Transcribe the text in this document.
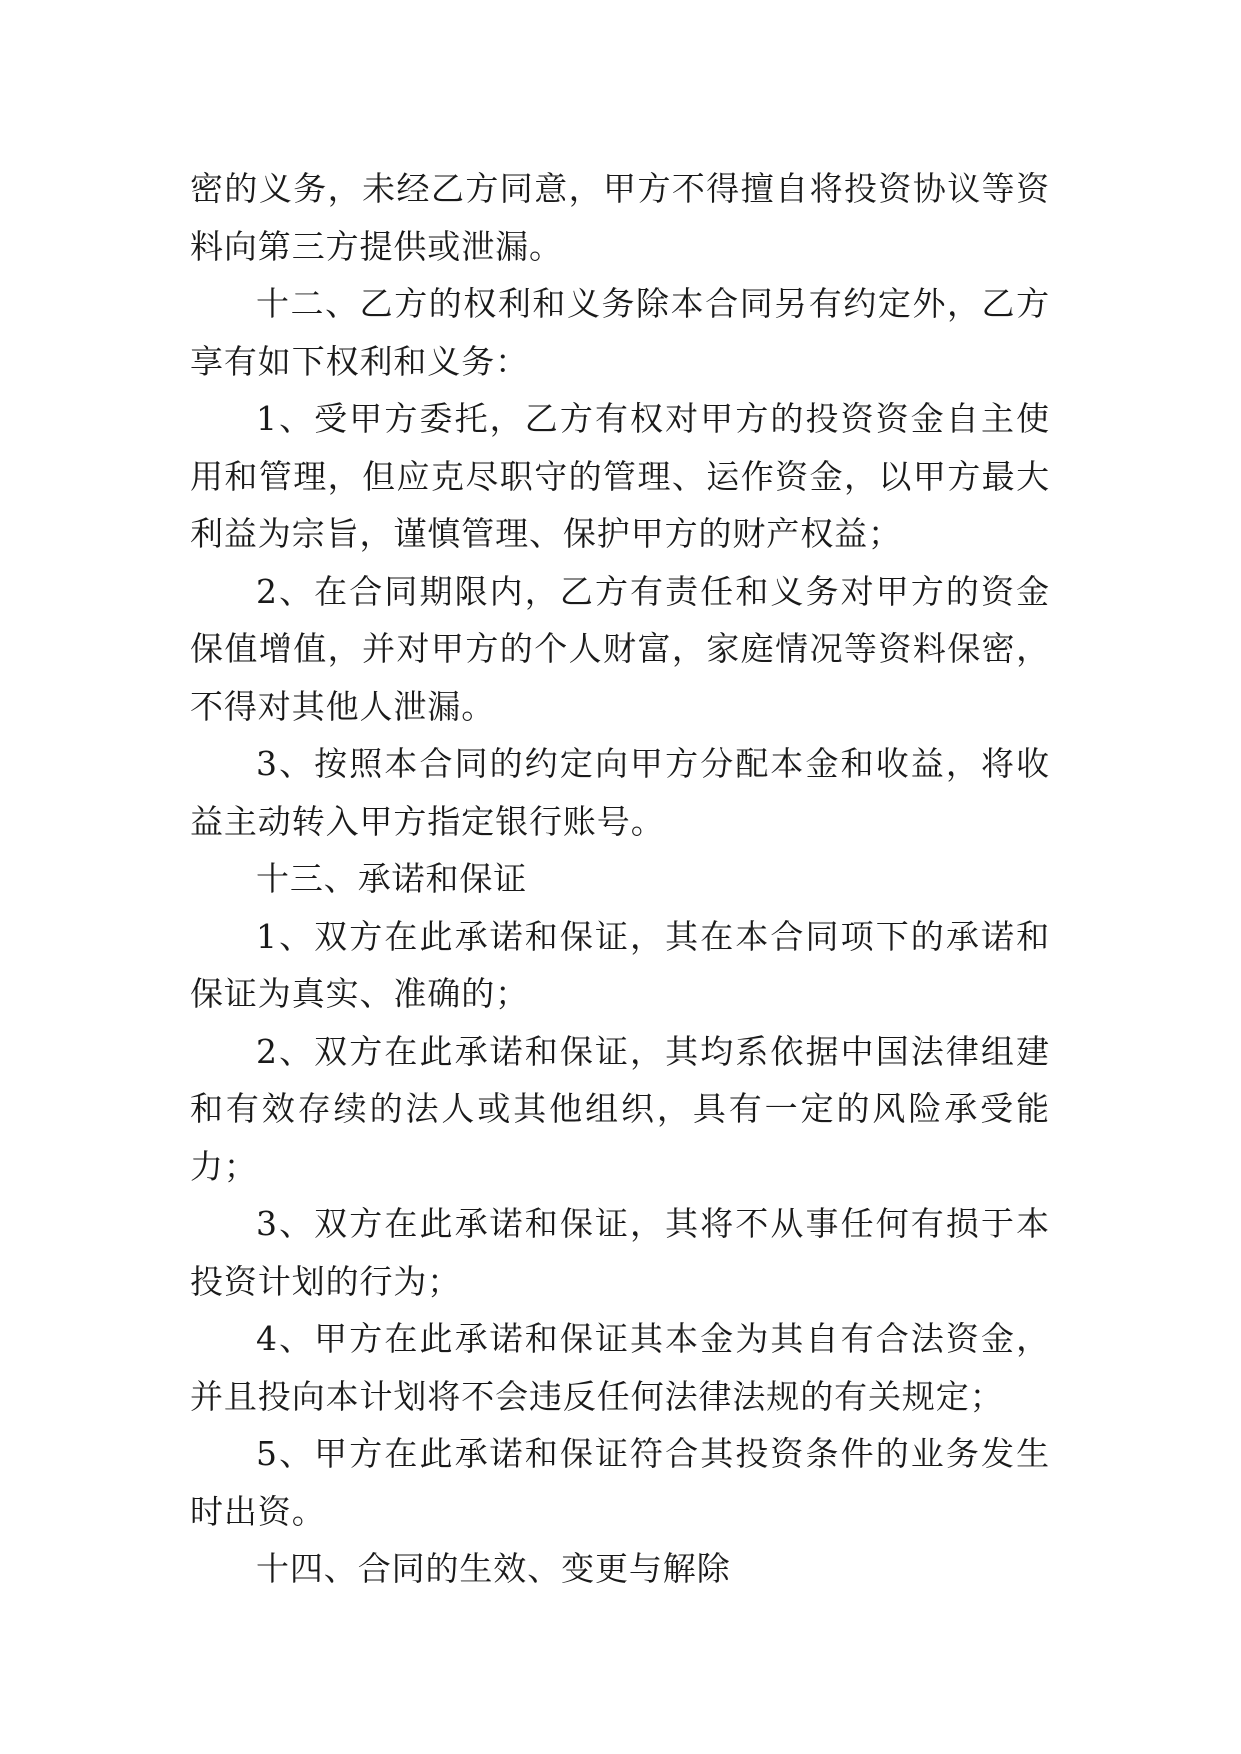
密的义务，未经乙方同意，甲方不得擅自将投资协议等资料向第三方提供或泄漏。

十二、乙方的权利和义务除本合同另有约定外，乙方享有如下权利和义务：

1、受甲方委托，乙方有权对甲方的投资资金自主使用和管理，但应克尽职守的管理、运作资金，以甲方最大利益为宗旨，谨慎管理、保护甲方的财产权益；

2、在合同期限内，乙方有责任和义务对甲方的资金保值增值，并对甲方的个人财富，家庭情况等资料保密，不得对其他人泄漏。

3、按照本合同的约定向甲方分配本金和收益，将收益主动转入甲方指定银行账号。

十三、承诺和保证

1、双方在此承诺和保证，其在本合同项下的承诺和保证为真实、准确的；

2、双方在此承诺和保证，其均系依据中国法律组建和有效存续的法人或其他组织，具有一定的风险承受能力；

3、双方在此承诺和保证，其将不从事任何有损于本投资计划的行为；

4、甲方在此承诺和保证其本金为其自有合法资金，并且投向本计划将不会违反任何法律法规的有关规定；

5、甲方在此承诺和保证符合其投资条件的业务发生时出资。

十四、合同的生效、变更与解除
